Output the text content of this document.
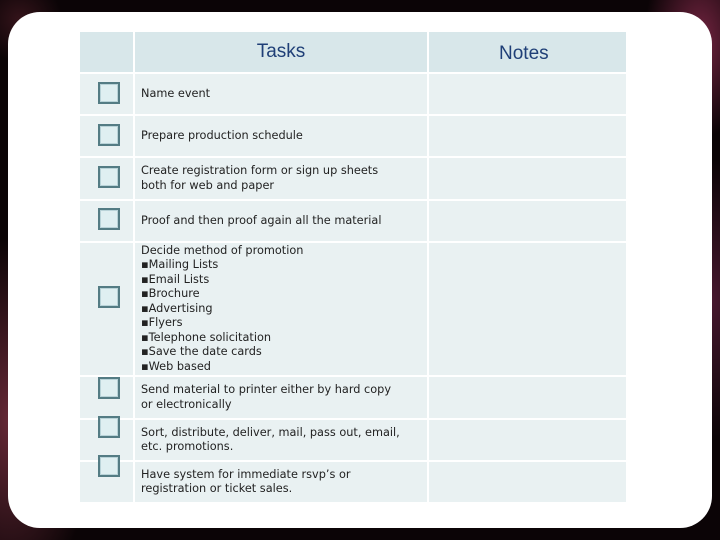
Tasks
Name event
Prepare production schedule
Create registration form or sign up sheets
both for web and paper
Proof and then proof again all the material
Decide method of promotion
▪Mailing Lists
▪Email Lists
▪Brochure
▪Advertising
▪Flyers
▪Telephone solicitation
▪Save the date cards
▪Web based
Send material to printer either by hard copy
or electronically
Sort, distribute, deliver, mail, pass out, email,
etc. promotions.
Have system for immediate rsvp’s or
registration or ticket sales.
Notes
